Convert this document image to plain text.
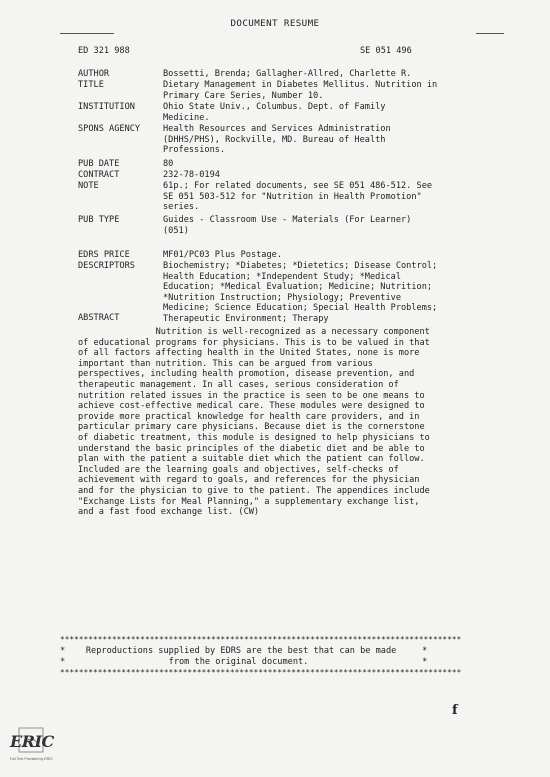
DOCUMENT RESUME
ED 321 988	SE 051 496
AUTHOR	Bossetti, Brenda; Gallagher-Allred, Charlette R.
TITLE	Dietary Management in Diabetes Mellitus. Nutrition in
Primary Care Series, Number 10.
INSTITUTION	Ohio State Univ., Columbus. Dept. of Family
Medicine.
SPONS AGENCY	Health Resources and Services Administration
(DHHS/PHS), Rockville, MD. Bureau of Health
Professions.
PUB DATE	80
CONTRACT	232-78-0194
NOTE	61p.; For related documents, see SE 051 486-512. See
SE 051 503-512 for "Nutrition in Health Promotion"
series.
PUB TYPE	Guides - Classroom Use - Materials (For Learner)
(051)
EDRS PRICE	MF01/PC03 Plus Postage.
DESCRIPTORS	Biochemistry; *Diabetes; *Dietetics; Disease Control;
Health Education; *Independent Study; *Medical
Education; *Medical Evaluation; Medicine; Nutrition;
*Nutrition Instruction; Physiology; Preventive
Medicine; Science Education; Special Health Problems;
Therapeutic Environment; Therapy
ABSTRACT
Nutrition is well-recognized as a necessary component
of educational programs for physicians. This is to be valued in that
of all factors affecting health in the United States, none is more
important than nutrition. This can be argued from various
perspectives, including health promotion, disease prevention, and
therapeutic management. In all cases, serious consideration of
nutrition related issues in the practice is seen to be one means to
achieve cost-effective medical care. These modules were designed to
provide more practical knowledge for health care providers, and in
particular primary care physicians. Because diet is the cornerstone
of diabetic treatment, this module is designed to help physicians to
understand the basic principles of the diabetic diet and be able to
plan with the patient a suitable diet which the patient can follow.
Included are the learning goals and objectives, self-checks of
achievement with regard to goals, and references for the physician
and for the physician to give to the patient. The appendices include
"Exchange Lists for Meal Planning," a supplementary exchange list,
and a fast food exchange list. (CW)
*************************************************************************************
*    Reproductions supplied by EDRS are the best that can be made     *
*                    from the original document.                      *
*************************************************************************************
f
ERIC
Full Text Provided by ERIC
